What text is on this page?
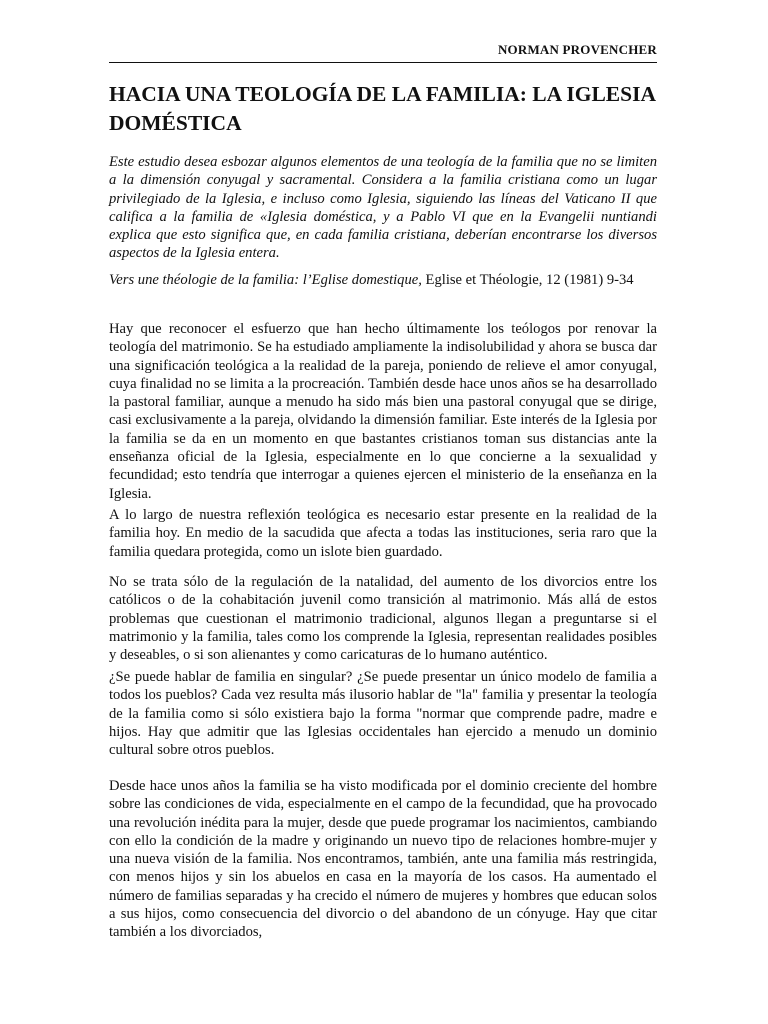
NORMAN PROVENCHER
HACIA UNA TEOLOGÍA DE LA FAMILIA: LA IGLESIA DOMÉSTICA

Este estudio desea esbozar algunos elementos de una teología de la familia que no se limiten a la dimensión conyugal y sacramental. Considera a la familia cristiana como un lugar privilegiado de la Iglesia, e incluso como Iglesia, siguiendo las líneas del Vaticano II que califica a la familia de «Iglesia doméstica, y a Pablo VI que en la Evangelii nuntiandi explica que esto significa que, en cada familia cristiana, deberían encontrarse los diversos aspectos de la Iglesia entera.

Vers une théologie de la familia: l’Eglise domestique, Eglise et Théologie, 12 (1981) 9-34

Hay que reconocer el esfuerzo que han hecho últimamente los teólogos por renovar la teología del matrimonio. Se ha estudiado ampliamente la indisolubilidad y ahora se busca dar una significación teológica a la realidad de la pareja, poniendo de relieve el amor conyugal, cuya finalidad no se limita a la procreación. También desde hace unos años se ha desarrollado la pastoral familiar, aunque a menudo ha sido más bien una pastoral conyugal que se dirige, casi exclusivamente a la pareja, olvidando la dimensión familiar. Este interés de la Iglesia por la familia se da en un momento en que bastantes cristianos toman sus distancias ante la enseñanza oficial de la Iglesia, especialmente en lo que concierne a la sexualidad y fecundidad; esto tendría que interrogar a quienes ejercen el ministerio de la enseñanza en la Iglesia.

A lo largo de nuestra reflexión teológica es necesario estar presente en la realidad de la familia hoy. En medio de la sacudida que afecta a todas las instituciones, seria raro que la familia quedara protegida, como un islote bien guardado.

No se trata sólo de la regulación de la natalidad, del aumento de los divorcios entre los católicos o de la cohabitación juvenil como transición al matrimonio. Más allá de estos problemas que cuestionan el matrimonio tradicional, algunos llegan a preguntarse si el matrimonio y la familia, tales como los comprende la Iglesia, representan realidades posibles y deseables, o si son alienantes y como caricaturas de lo humano auténtico.

¿Se puede hablar de familia en singular? ¿Se puede presentar un único modelo de familia a todos los pueblos? Cada vez resulta más ilusorio hablar de "la" familia y presentar la teología de la familia como si sólo existiera bajo la forma "normar que comprende padre, madre e hijos. Hay que admitir que las Iglesias occidentales han ejercido a menudo un dominio cultural sobre otros pueblos.

Desde hace unos años la familia se ha visto modificada por el dominio creciente del hombre sobre las condiciones de vida, especialmente en el campo de la fecundidad, que ha provocado una revolución inédita para la mujer, desde que puede programar los nacimientos, cambiando con ello la condición de la madre y originando un nuevo tipo de relaciones hombre-mujer y una nueva visión de la familia. Nos encontramos, también, ante una familia más restringida, con menos hijos y sin los abuelos en casa en la mayoría de los casos. Ha aumentado el número de familias separadas y ha crecido el número de mujeres y hombres que educan solos a sus hijos, como consecuencia del divorcio o del abandono de un cónyuge. Hay que citar también a los divorciados,
